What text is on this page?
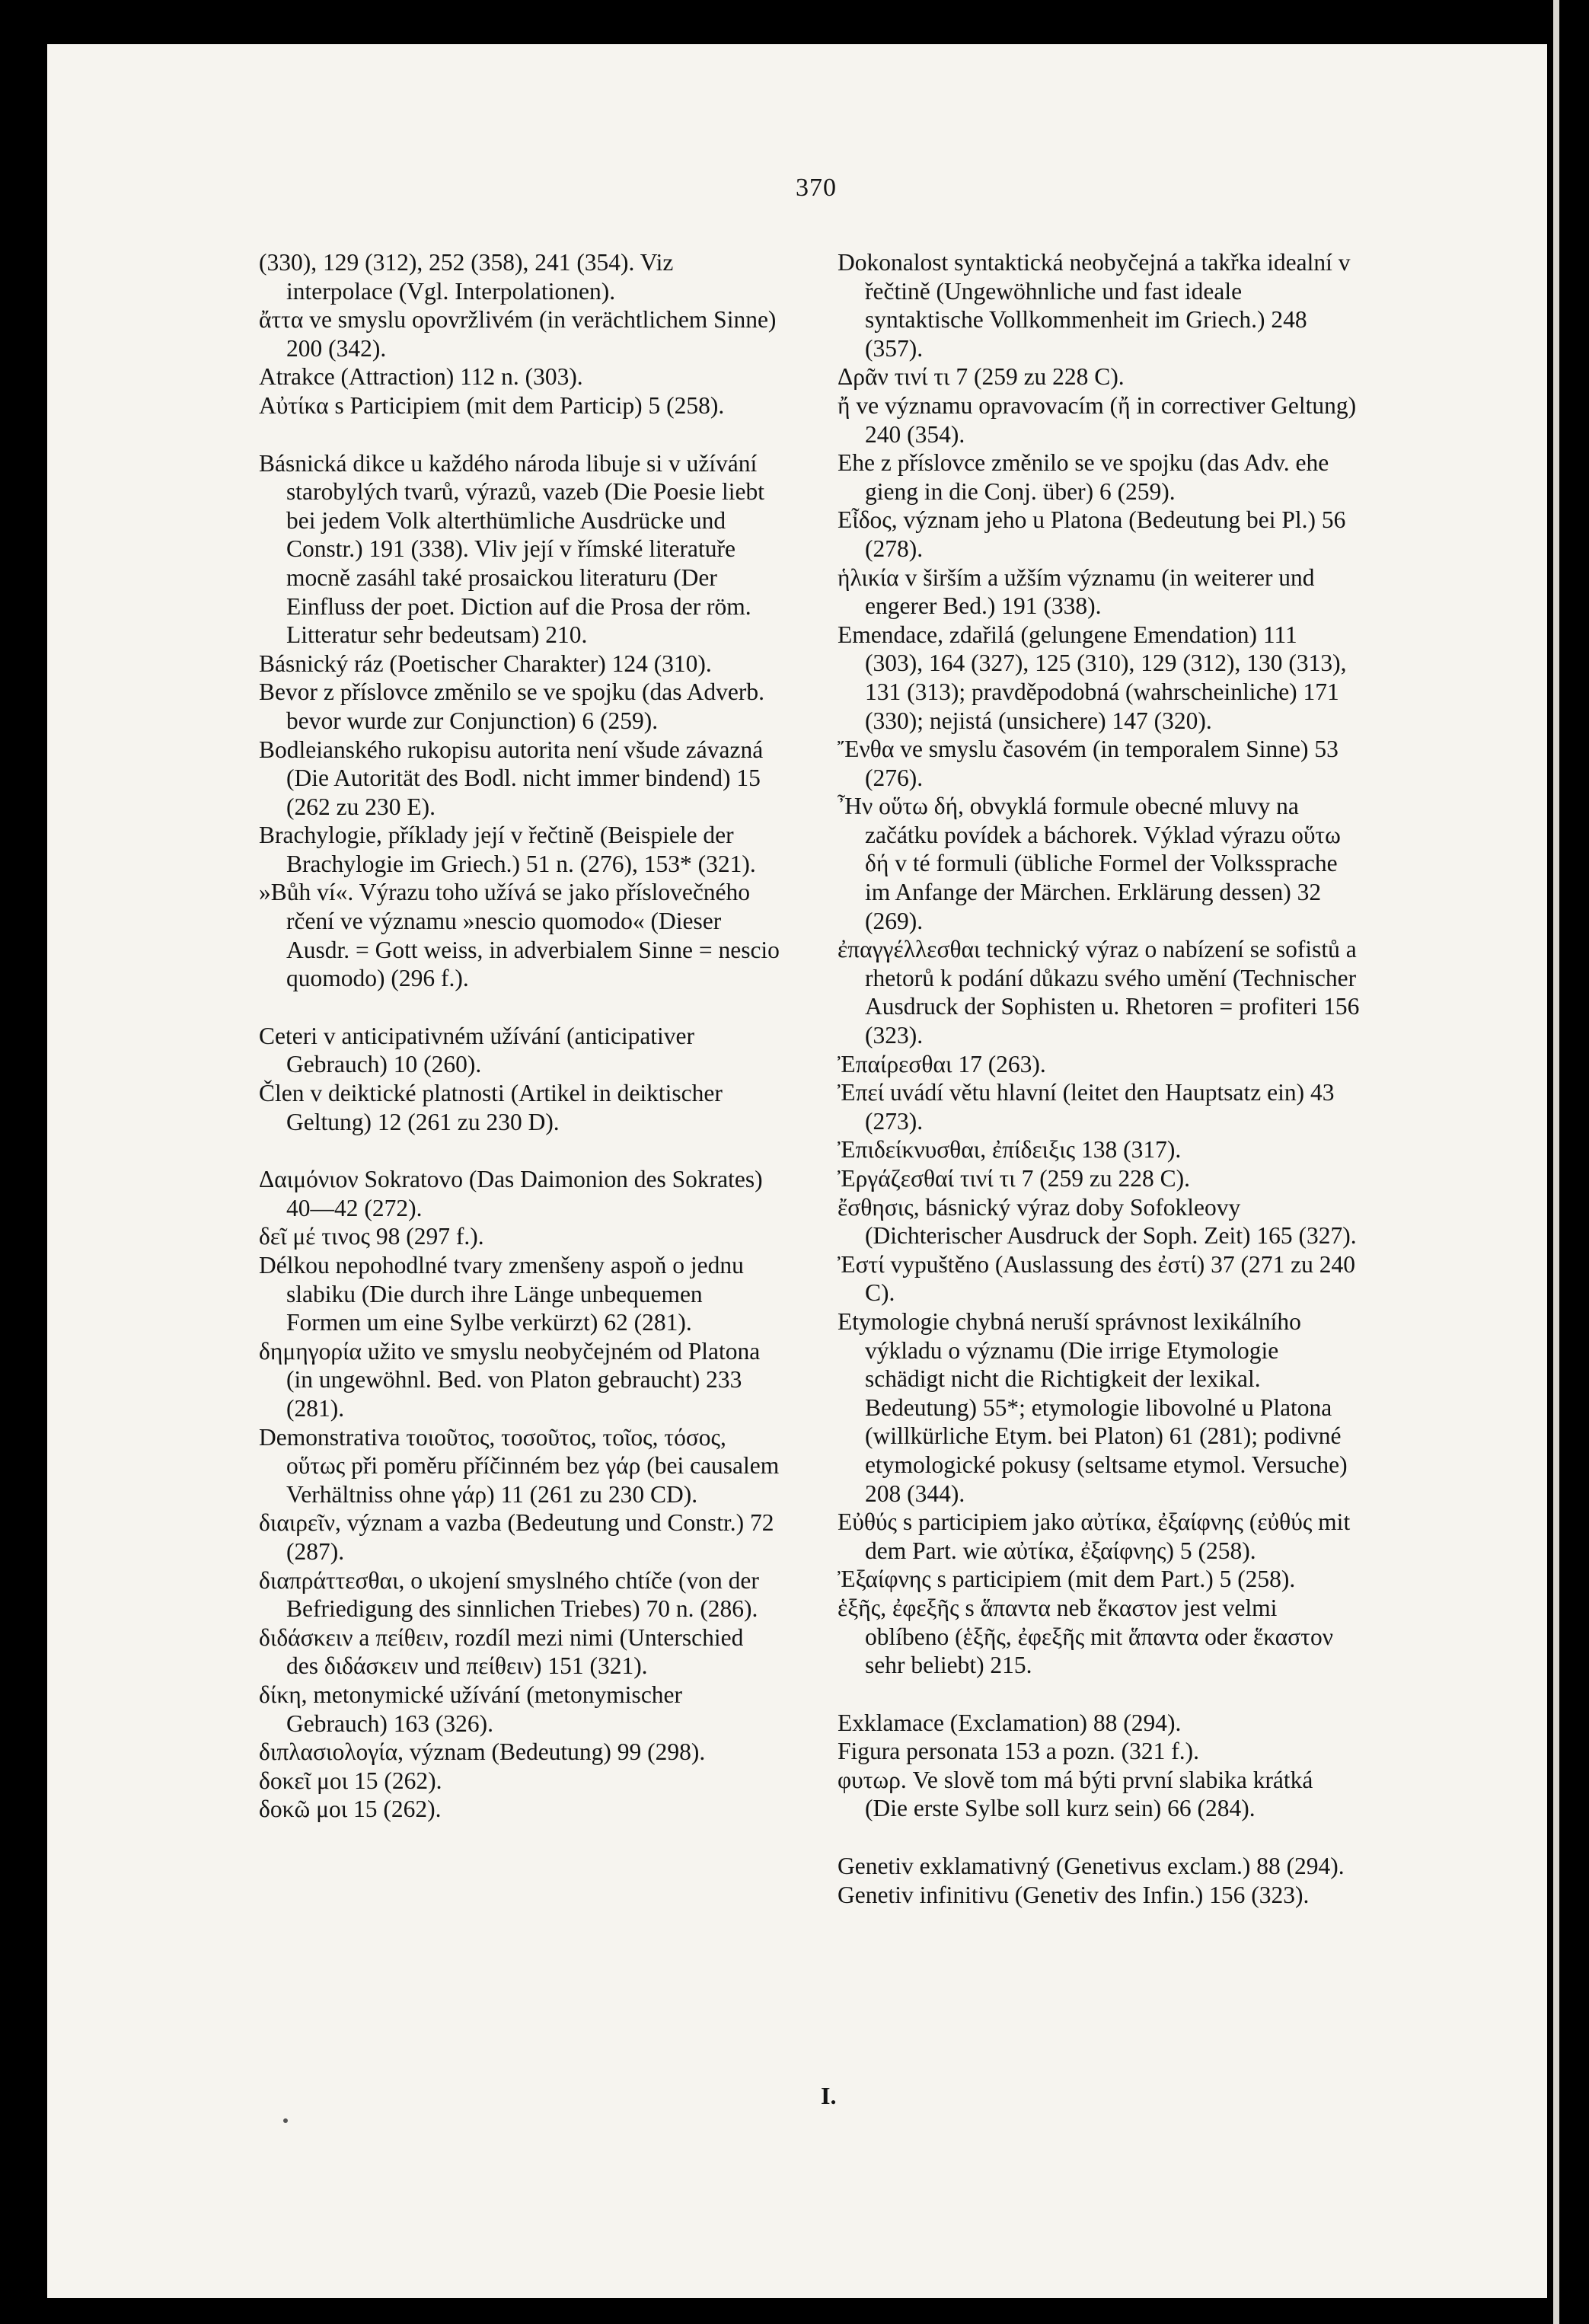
370

(330), 129 (312), 252 (358), 241 (354). Viz interpolace (Vgl. Interpolationen).

ἄττα ve smyslu opovržlivém (in verächtlichem Sinne) 200 (342).

Atrakce (Attraction) 112 n. (303).

Αὐτίκα s Participiem (mit dem Particip) 5 (258).

Básnická dikce u každého národa libuje si v užívání starobylých tvarů, výrazů, vazeb (Die Poesie liebt bei jedem Volk alterthümliche Ausdrücke und Constr.) 191 (338). Vliv její v římské literatuře mocně zasáhl také prosaickou literaturu (Der Einfluss der poet. Diction auf die Prosa der röm. Litteratur sehr bedeutsam) 210.

Básnický ráz (Poetischer Charakter) 124 (310).

Bevor z příslovce změnilo se ve spojku (das Adverb. bevor wurde zur Conjunction) 6 (259).

Bodleianského rukopisu autorita není všude závazná (Die Autorität des Bodl. nicht immer bindend) 15 (262 zu 230 E).

Brachylogie, příklady její v řečtině (Beispiele der Brachylogie im Griech.) 51 n. (276), 153* (321).

»Bůh ví«. Výrazu toho užívá se jako příslovečného rčení ve významu »nescio quomodo« (Dieser Ausdr. = Gott weiss, in adverbialem Sinne = nescio quomodo) (296 f.).

Ceteri v anticipativném užívání (anticipativer Gebrauch) 10 (260).

Člen v deiktické platnosti (Artikel in deiktischer Geltung) 12 (261 zu 230 D).

Δαιμόνιον Sokratovo (Das Daimonion des Sokrates) 40—42 (272).

δεῖ μέ τινος 98 (297 f.).

Délkou nepohodlné tvary zmenšeny aspoň o jednu slabiku (Die durch ihre Länge unbequemen Formen um eine Sylbe verkürzt) 62 (281).

δημηγορία užito ve smyslu neobyčejném od Platona (in ungewöhnl. Bed. von Platon gebraucht) 233 (281).

Demonstrativa τοιοῦτος, τοσοῦτος, τοῖος, τόσος, οὕτως při poměru příčinném bez γάρ (bei causalem Verhältniss ohne γάρ) 11 (261 zu 230 CD).

διαιρεῖν, význam a vazba (Bedeutung und Constr.) 72 (287).

διαπράττεσθαι, o ukojení smyslného chtíče (von der Befriedigung des sinnlichen Triebes) 70 n. (286).

διδάσκειν a πείθειν, rozdíl mezi nimi (Unterschied des διδάσκειν und πείθειν) 151 (321).

δίκη, metonymické užívání (metonymischer Gebrauch) 163 (326).

διπλασιολογία, význam (Bedeutung) 99 (298).

δοκεῖ μοι 15 (262).

δοκῶ μοι 15 (262).

Dokonalost syntaktická neobyčejná a takřka idealní v řečtině (Ungewöhnliche und fast ideale syntaktische Vollkommenheit im Griech.) 248 (357).

Δρᾶν τινί τι 7 (259 zu 228 C).

ἤ ve významu opravovacím (ἤ in correctiver Geltung) 240 (354).

Ehe z příslovce změnilo se ve spojku (das Adv. ehe gieng in die Conj. über) 6 (259).

Εἶδος, význam jeho u Platona (Bedeutung bei Pl.) 56 (278).

ἡλικία v širším a užším významu (in weiterer und engerer Bed.) 191 (338).

Emendace, zdařilá (gelungene Emendation) 111 (303), 164 (327), 125 (310), 129 (312), 130 (313), 131 (313); pravděpodobná (wahrscheinliche) 171 (330); nejistá (unsichere) 147 (320).

Ἔνθα ve smyslu časovém (in temporalem Sinne) 53 (276).

Ἦν οὕτω δή, obvyklá formule obecné mluvy na začátku povídek a báchorek. Výklad výrazu οὕτω δή v té formuli (übliche Formel der Volkssprache im Anfange der Märchen. Erklärung dessen) 32 (269).

ἐπαγγέλλεσθαι technický výraz o nabízení se sofistů a rhetorů k podání důkazu svého umění (Technischer Ausdruck der Sophisten u. Rhetoren = profiteri 156 (323).

Ἐπαίρεσθαι 17 (263).

Ἐπεί uvádí větu hlavní (leitet den Hauptsatz ein) 43 (273).

Ἐπιδείκνυσθαι, ἐπίδειξις 138 (317).

Ἐργάζεσθαί τινί τι 7 (259 zu 228 C).

ἔσθησις, básnický výraz doby Sofokleovy (Dichterischer Ausdruck der Soph. Zeit) 165 (327).

Ἐστί vypuštěno (Auslassung des ἐστί) 37 (271 zu 240 C).

Etymologie chybná neruší správnost lexikálního výkladu o významu (Die irrige Etymologie schädigt nicht die Richtigkeit der lexikal. Bedeutung) 55*; etymologie libovolné u Platona (willkürliche Etym. bei Platon) 61 (281); podivné etymologické pokusy (seltsame etymol. Versuche) 208 (344).

Εὐθύς s participiem jako αὐτίκα, ἐξαίφνης (εὐθύς mit dem Part. wie αὐτίκα, ἐξαίφνης) 5 (258).

Ἐξαίφνης s participiem (mit dem Part.) 5 (258).

ἑξῆς, ἐφεξῆς s ἅπαντα neb ἕκαστον jest velmi oblíbeno (ἑξῆς, ἐφεξῆς mit ἅπαντα oder ἕκαστον sehr beliebt) 215.

Exklamace (Exclamation) 88 (294).

Figura personata 153 a pozn. (321 f.).

φυτωρ. Ve slově tom má býti první slabika krátká (Die erste Sylbe soll kurz sein) 66 (284).

Genetiv exklamativný (Genetivus exclam.) 88 (294).

Genetiv infinitivu (Genetiv des Infin.) 156 (323).

I.
